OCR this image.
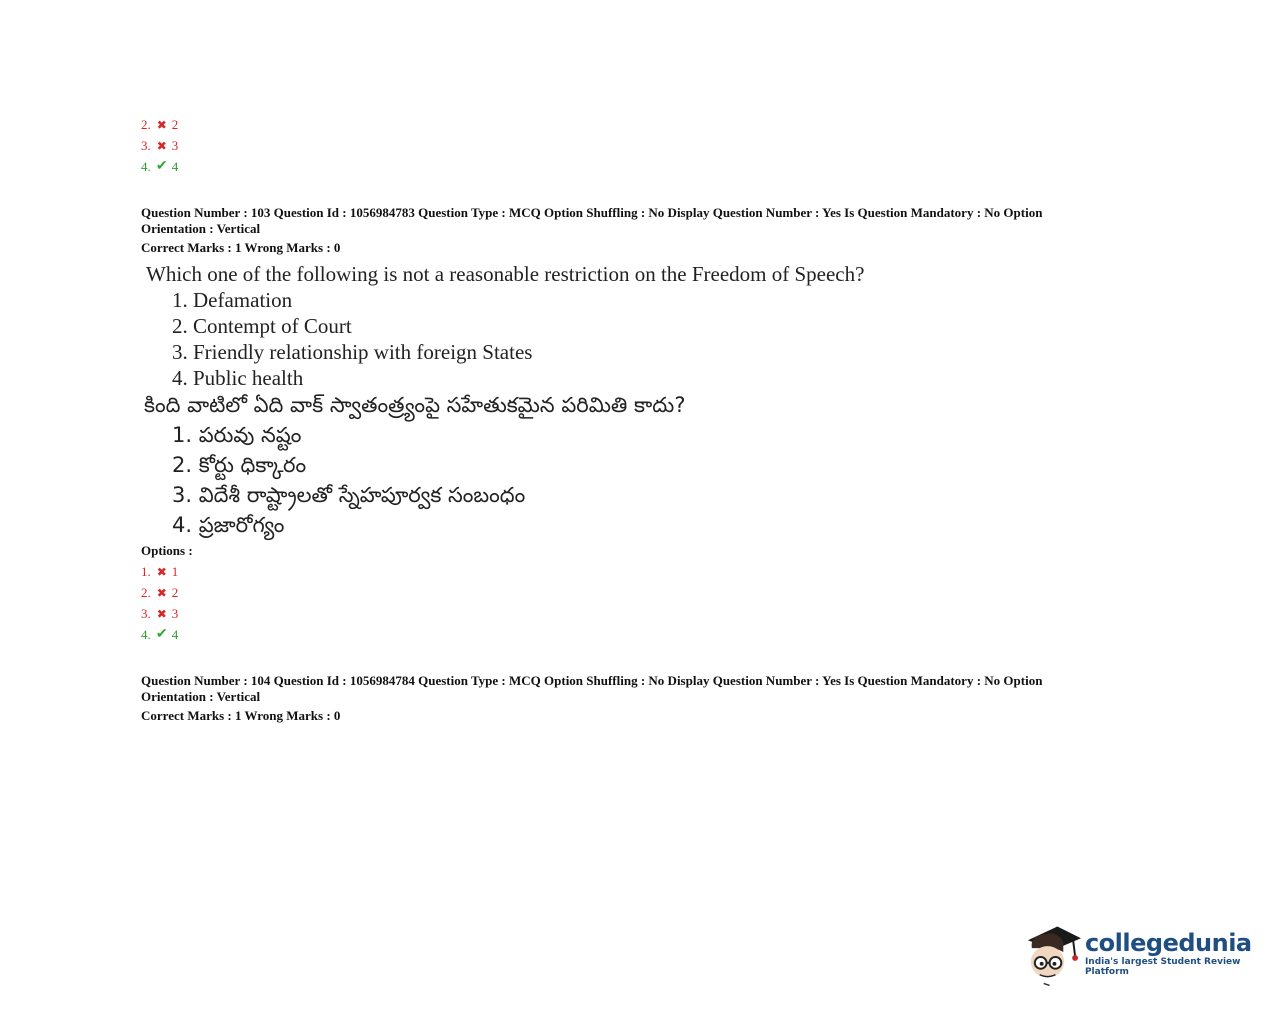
2. ✖ 2
3. ✖ 3
4. ✔ 4
Question Number : 103 Question Id : 1056984783 Question Type : MCQ Option Shuffling : No Display Question Number : Yes Is Question Mandatory : No Option
Orientation : Vertical
Correct Marks : 1 Wrong Marks : 0
Which one of the following is not a reasonable restriction on the Freedom of Speech?
1. Defamation
2. Contempt of Court
3. Friendly relationship with foreign States
4. Public health
కింది వాటిలో ఏది వాక్ స్వాతంత్ర్యంపై సహేతుకమైన పరిమితి కాదు?
1. పరువు నష్టం
2. కోర్టు ధిక్కారం
3. విదేశీ రాష్ట్రాలతో స్నేహపూర్వక సంబంధం
4. ప్రజారోగ్యం
Options :
1. ✖ 1
2. ✖ 2
3. ✖ 3
4. ✔ 4
Question Number : 104 Question Id : 1056984784 Question Type : MCQ Option Shuffling : No Display Question Number : Yes Is Question Mandatory : No Option
Orientation : Vertical
Correct Marks : 1 Wrong Marks : 0
collegedunia
India's largest Student Review Platform
